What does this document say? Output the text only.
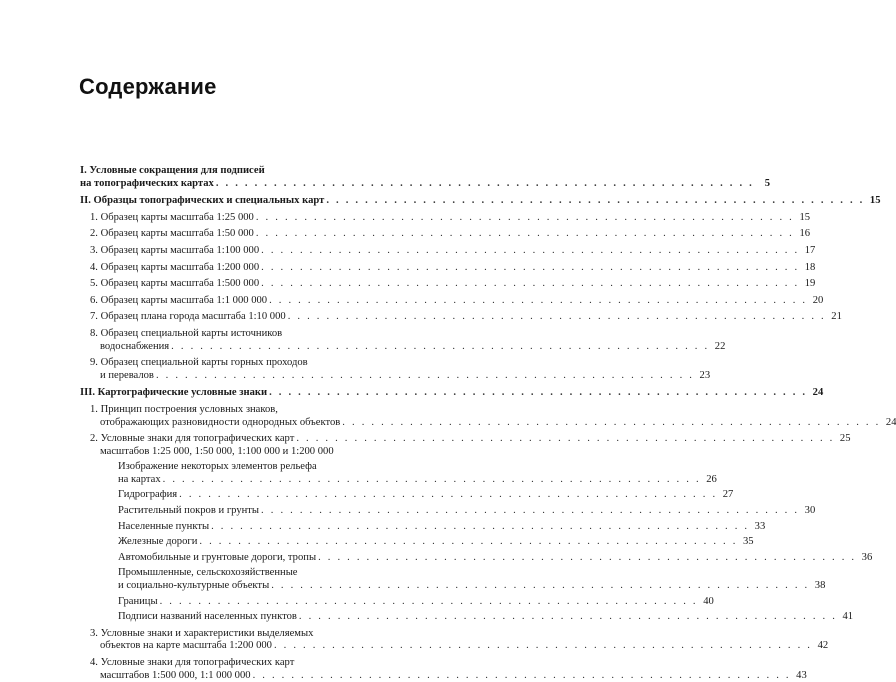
Содержание
I. Условные сокращения для подписей
на топографических картах . . . . . . . . . . . . . . . . . . . . . . . . . . . . . . . . . . . . . . . . . . . . . . . . . . . . . . . .	5
II. Образцы топографических и специальных карт . . . . . . . . . . . . . . . . . . . . . . . . . . . . . . . . . . . . . . . . . . . . . . . . . . . . . . . . 15
1. Образец карты масштаба 1:25 000 . . . . . . . . . . . . . . . . . . . . . . . . . . . . . . . . . . . . . . . . . . . . . . . . . . . . . . . . 15
2. Образец карты масштаба 1:50 000 . . . . . . . . . . . . . . . . . . . . . . . . . . . . . . . . . . . . . . . . . . . . . . . . . . . . . . . . 16
3. Образец карты масштаба 1:100 000 . . . . . . . . . . . . . . . . . . . . . . . . . . . . . . . . . . . . . . . . . . . . . . . . . . . . . . . . 17
4. Образец карты масштаба 1:200 000 . . . . . . . . . . . . . . . . . . . . . . . . . . . . . . . . . . . . . . . . . . . . . . . . . . . . . . . . 18
5. Образец карты масштаба 1:500 000 . . . . . . . . . . . . . . . . . . . . . . . . . . . . . . . . . . . . . . . . . . . . . . . . . . . . . . . . 19
6. Образец карты масштаба 1:1 000 000 . . . . . . . . . . . . . . . . . . . . . . . . . . . . . . . . . . . . . . . . . . . . . . . . . . . . . . . . 20
7. Образец плана города масштаба 1:10 000 . . . . . . . . . . . . . . . . . . . . . . . . . . . . . . . . . . . . . . . . . . . . . . . . . . . . . . . . 21
8. Образец специальной карты источников
водоснабжения . . . . . . . . . . . . . . . . . . . . . . . . . . . . . . . . . . . . . . . . . . . . . . . . . . . . . . . . 22
9. Образец специальной карты горных проходов
и перевалов . . . . . . . . . . . . . . . . . . . . . . . . . . . . . . . . . . . . . . . . . . . . . . . . . . . . . . . . 23
III. Картографические условные знаки . . . . . . . . . . . . . . . . . . . . . . . . . . . . . . . . . . . . . . . . . . . . . . . . . . . . . . . . 24
1. Принцип построения условных знаков,
отображающих разновидности однородных объектов . . . . . . . . . . . . . . . . . . . . . . . . . . . . . . . . . . . . . . . . . . . . . . . . . . . . . . . . 24
2. Условные знаки для топографических карт . . . . . . . . . . . . . . . . . . . . . . . . . . . . . . . . . . . . . . . . . . . . . . . . . . . . . . . . 25
масштабов 1:25 000, 1:50 000, 1:100 000 и 1:200 000
Изображение некоторых элементов рельефа
на картах . . . . . . . . . . . . . . . . . . . . . . . . . . . . . . . . . . . . . . . . . . . . . . . . . . . . . . . . 26
Гидрография . . . . . . . . . . . . . . . . . . . . . . . . . . . . . . . . . . . . . . . . . . . . . . . . . . . . . . . . 27
Растительный покров и грунты . . . . . . . . . . . . . . . . . . . . . . . . . . . . . . . . . . . . . . . . . . . . . . . . . . . . . . . . 30
Населенные пункты . . . . . . . . . . . . . . . . . . . . . . . . . . . . . . . . . . . . . . . . . . . . . . . . . . . . . . . . 33
Железные дороги . . . . . . . . . . . . . . . . . . . . . . . . . . . . . . . . . . . . . . . . . . . . . . . . . . . . . . . . 35
Автомобильные и грунтовые дороги, тропы . . . . . . . . . . . . . . . . . . . . . . . . . . . . . . . . . . . . . . . . . . . . . . . . . . . . . . . . 36
Промышленные, сельскохозяйственные
и социально-культурные объекты . . . . . . . . . . . . . . . . . . . . . . . . . . . . . . . . . . . . . . . . . . . . . . . . . . . . . . . . 38
Границы . . . . . . . . . . . . . . . . . . . . . . . . . . . . . . . . . . . . . . . . . . . . . . . . . . . . . . . . 40
Подписи названий населенных пунктов . . . . . . . . . . . . . . . . . . . . . . . . . . . . . . . . . . . . . . . . . . . . . . . . . . . . . . . . 41
3. Условные знаки и характеристики выделяемых
объектов на карте масштаба 1:200 000 . . . . . . . . . . . . . . . . . . . . . . . . . . . . . . . . . . . . . . . . . . . . . . . . . . . . . . . . 42
4. Условные знаки для топографических карт
масштабов 1:500 000, 1:1 000 000 . . . . . . . . . . . . . . . . . . . . . . . . . . . . . . . . . . . . . . . . . . . . . . . . . . . . . . . . 43
